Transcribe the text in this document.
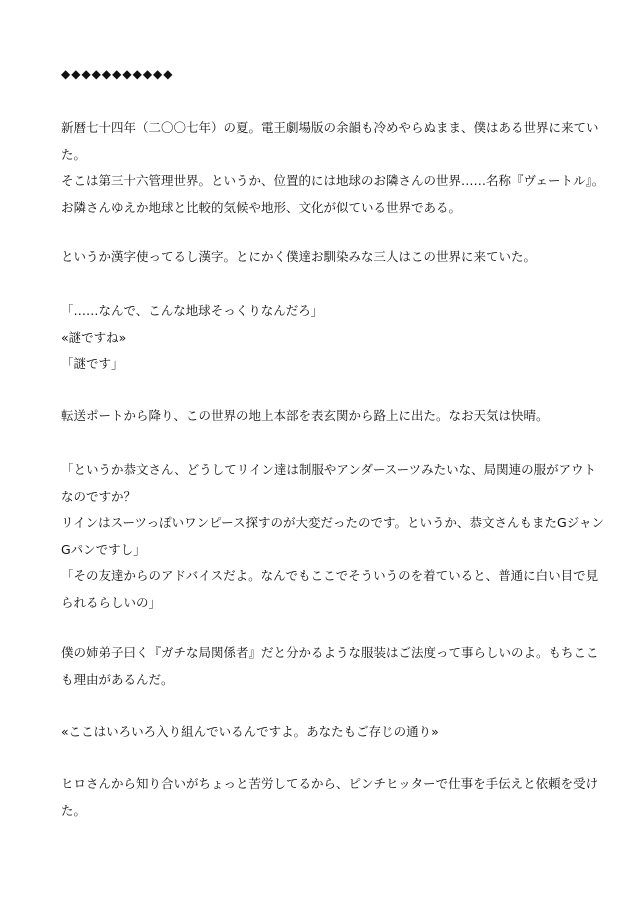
◆◆◆◆◆◆◆◆◆◆◆
新暦七十四年（二〇〇七年）の夏。電王劇場版の余韻も冷めやらぬまま、僕はある世界に来てい
た。
そこは第三十六管理世界。というか、位置的には地球のお隣さんの世界……名称『ヴェートル』。
お隣さんゆえか地球と比較的気候や地形、文化が似ている世界である。
というか漢字使ってるし漢字。とにかく僕達お馴染みな三人はこの世界に来ていた。
「……なんで、こんな地球そっくりなんだろ」
«謎ですね»
「謎です」
転送ポートから降り、この世界の地上本部を表玄関から路上に出た。なお天気は快晴。
「というか恭文さん、どうしてリイン達は制服やアンダースーツみたいな、局関連の服がアウト
なのですか？
リインはスーツっぽいワンピース探すのが大変だったのです。というか、恭文さんもまたGジャン
Gパンですし」
「その友達からのアドバイスだよ。なんでもここでそういうのを着ていると、普通に白い目で見
られるらしいの」
僕の姉弟子曰く『ガチな局関係者』だと分かるような服装はご法度って事らしいのよ。もちここ
も理由があるんだ。
«ここはいろいろ入り組んでいるんですよ。あなたもご存じの通り»
ヒロさんから知り合いがちょっと苦労してるから、ピンチヒッターで仕事を手伝えと依頼を受け
た。
